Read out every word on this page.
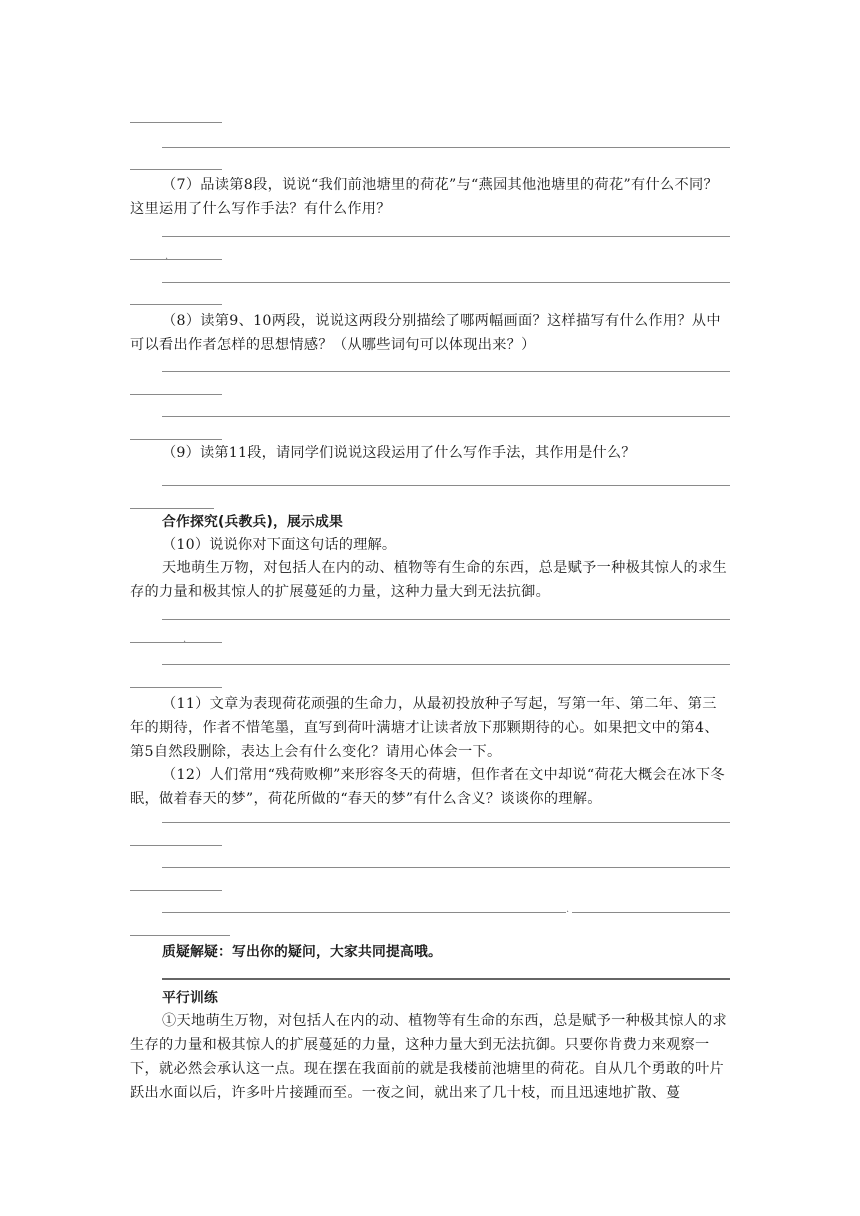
（7）品读第8段，说说“我们前池塘里的荷花”与“燕园其他池塘里的荷花”有什么不同？这里运用了什么写作手法？有什么作用？
.
（8）读第9、10两段，说说这两段分别描绘了哪两幅画面？这样描写有什么作用？从中可以看出作者怎样的思想情感？（从哪些词句可以体现出来？）
（9）读第11段，请同学们说说这段运用了什么写作手法，其作用是什么？
合作探究(兵教兵)，展示成果
（10）说说你对下面这句话的理解。
天地萌生万物，对包括人在内的动、植物等有生命的东西，总是赋予一种极其惊人的求生存的力量和极其惊人的扩展蔓延的力量，这种力量大到无法抗御。
.
（11）文章为表现荷花顽强的生命力，从最初投放种子写起，写第一年、第二年、第三年的期待，作者不惜笔墨，直写到荷叶满塘才让读者放下那颗期待的心。如果把文中的第4、第5自然段删除，表达上会有什么变化？请用心体会一下。
（12）人们常用“残荷败柳”来形容冬天的荷塘，但作者在文中却说“荷花大概会在冰下冬眠，做着春天的梦”，荷花所做的“春天的梦”有什么含义？谈谈你的理解。
.
质疑解疑：写出你的疑问，大家共同提高哦。
平行训练
①天地萌生万物，对包括人在内的动、植物等有生命的东西，总是赋予一种极其惊人的求生存的力量和极其惊人的扩展蔓延的力量，这种力量大到无法抗御。只要你肯费力来观察一下，就必然会承认这一点。现在摆在我面前的就是我楼前池塘里的荷花。自从几个勇敢的叶片跃出水面以后，许多叶片接踵而至。一夜之间，就出来了几十枝，而且迅速地扩散、蔓
